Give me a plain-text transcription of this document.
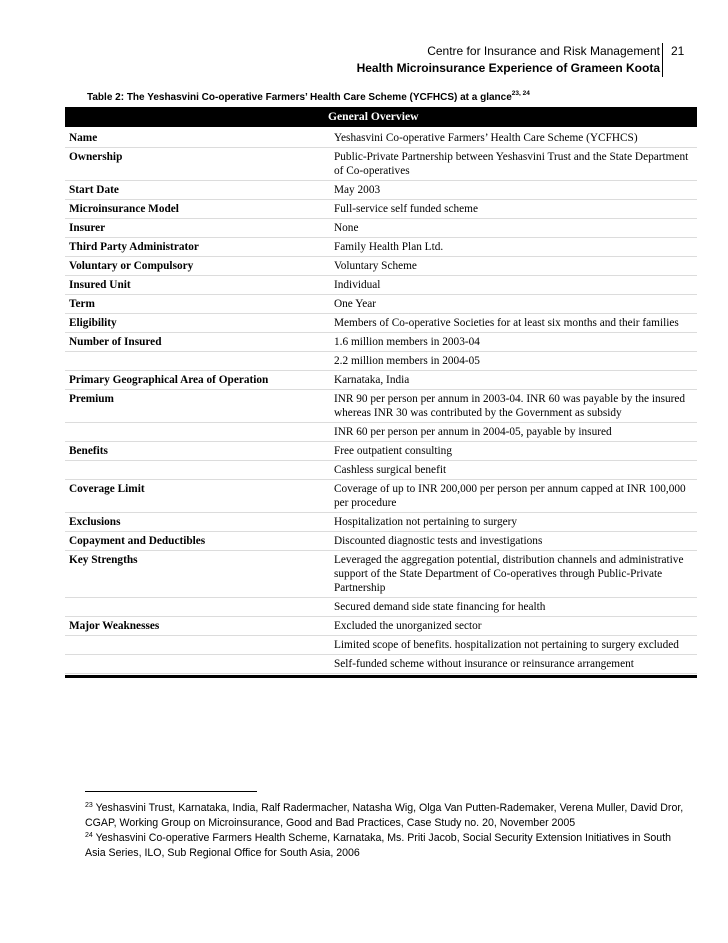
Centre for Insurance and Risk Management
Health Microinsurance Experience of Grameen Koota
21
Table 2: The Yeshasvini Co-operative Farmers’ Health Care Scheme (YCFHCS) at a glance$^{23, 24}$
General Overview
Name	Yeshasvini Co-operative Farmers’ Health Care Scheme (YCFHCS)
Ownership	Public-Private Partnership between Yeshasvini Trust and the State Department of Co-operatives
Start Date	May 2003
Microinsurance Model	Full-service self funded scheme
Insurer	None
Third Party Administrator	Family Health Plan Ltd.
Voluntary or Compulsory	Voluntary Scheme
Insured Unit	Individual
Term	One Year
Eligibility	Members of Co-operative Societies for at least six months and their families
Number of Insured	1.6 million members in 2003-04
2.2 million members in 2004-05
Primary Geographical Area of Operation	Karnataka, India
Premium	INR 90 per person per annum in 2003-04. INR 60 was payable by the insured whereas INR 30 was contributed by the Government as subsidy
INR 60 per person per annum in 2004-05, payable by insured
Benefits	Free outpatient consulting
Cashless surgical benefit
Coverage Limit	Coverage of up to INR 200,000 per person per annum capped at INR 100,000 per procedure
Exclusions	Hospitalization not pertaining to surgery
Copayment and Deductibles	Discounted diagnostic tests and investigations
Key Strengths	Leveraged the aggregation potential, distribution channels and administrative support of the State Department of Co-operatives through Public-Private Partnership
Secured demand side state financing for health
Major Weaknesses	Excluded the unorganized sector
Limited scope of benefits. hospitalization not pertaining to surgery excluded
Self-funded scheme without insurance or reinsurance arrangement
$^{23}$ Yeshasvini Trust, Karnataka, India, Ralf Radermacher, Natasha Wig, Olga Van Putten-Rademaker, Verena Muller, David Dror, CGAP, Working Group on Microinsurance, Good and Bad Practices, Case Study no. 20, November 2005
$^{24}$ Yeshasvini Co-operative Farmers Health Scheme, Karnataka, Ms. Priti Jacob, Social Security Extension Initiatives in South Asia Series, ILO, Sub Regional Office for South Asia, 2006
